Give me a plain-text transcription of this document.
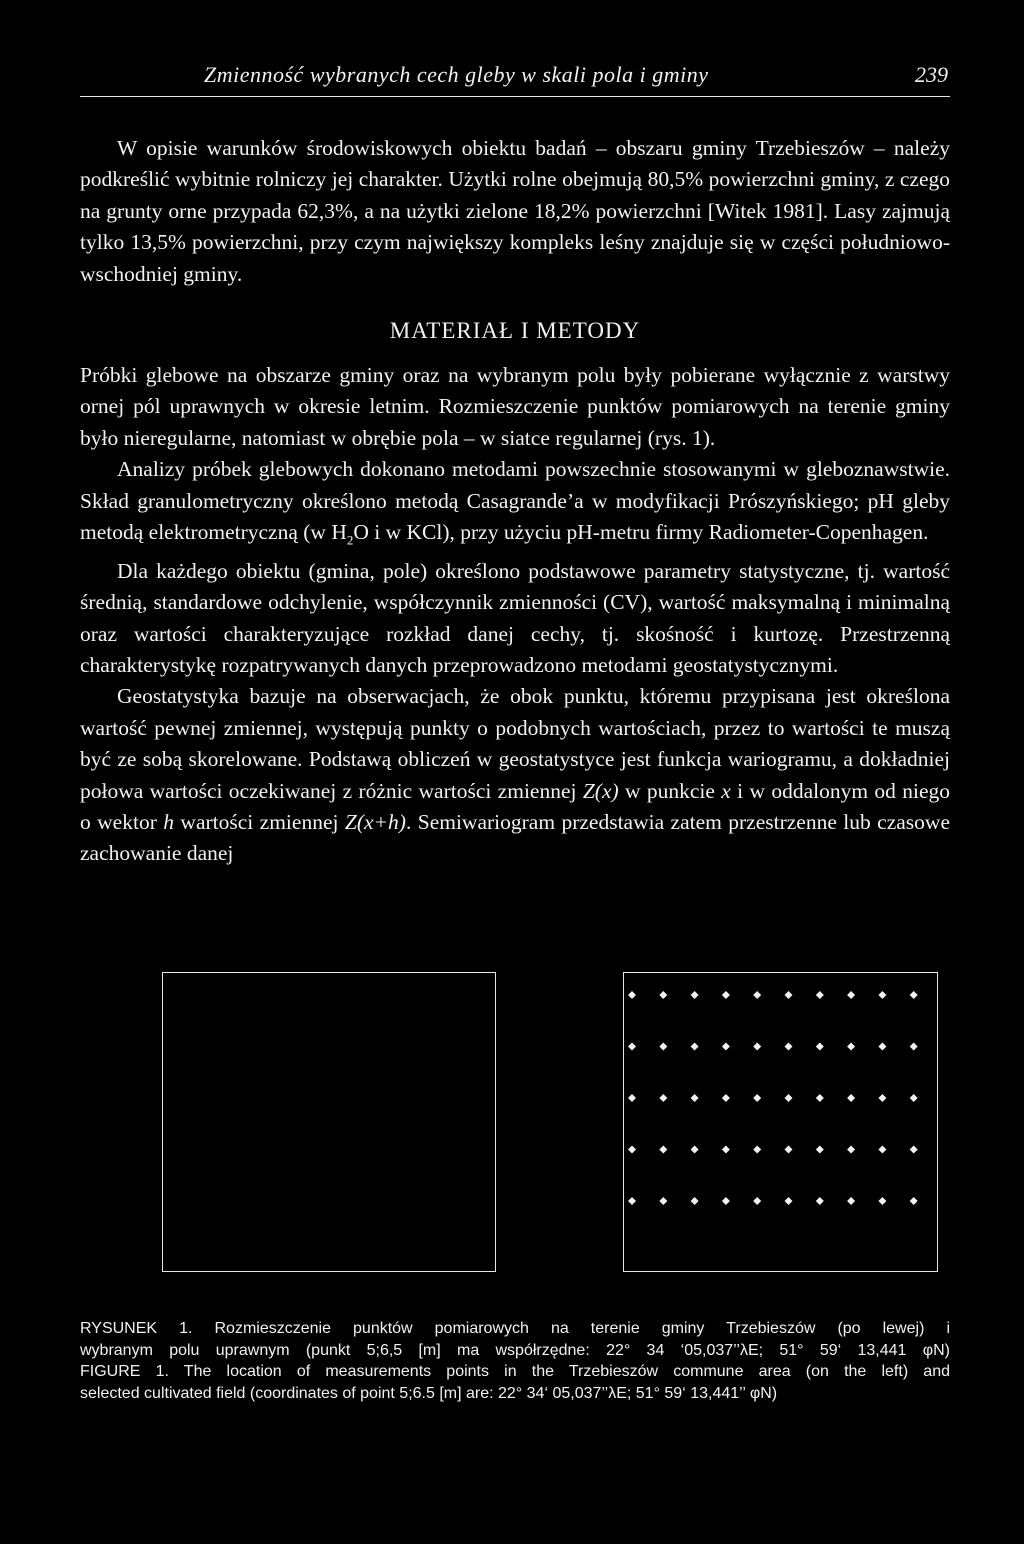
Zmienność wybranych cech gleby w skali pola i gminy	239

W opisie warunków środowiskowych obiektu badań – obszaru gminy Trzebieszów – należy podkreślić wybitnie rolniczy jej charakter. Użytki rolne obejmują 80,5% powierzchni gminy, z czego na grunty orne przypada 62,3%, a na użytki zielone 18,2% powierzchni [Witek 1981]. Lasy zajmują tylko 13,5% powierzchni, przy czym największy kompleks leśny znajduje się w części południowo-wschodniej gminy.

MATERIAŁ I METODY

Próbki glebowe na obszarze gminy oraz na wybranym polu były pobierane wyłącznie z warstwy ornej pól uprawnych w okresie letnim. Rozmieszczenie punktów pomiarowych na terenie gminy było nieregularne, natomiast w obrębie pola – w siatce regularnej (rys. 1).

Analizy próbek glebowych dokonano metodami powszechnie stosowanymi w gleboznawstwie. Skład granulometryczny określono metodą Casagrande’a w modyfikacji Prószyńskiego; pH gleby metodą elektrometryczną (w $H_2O$ i w KCl), przy użyciu pH-metru firmy Radiometer-Copenhagen.

Dla każdego obiektu (gmina, pole) określono podstawowe parametry statystyczne, tj. wartość średnią, standardowe odchylenie, współczynnik zmienności (CV), wartość maksymalną i minimalną oraz wartości charakteryzujące rozkład danej cechy, tj. skośność i kurtozę. Przestrzenną charakterystykę rozpatrywanych danych przeprowadzono metodami geostatystycznymi.

Geostatystyka bazuje na obserwacjach, że obok punktu, któremu przypisana jest określona wartość pewnej zmiennej, występują punkty o podobnych wartościach, przez to wartości te muszą być ze sobą skorelowane. Podstawą obliczeń w geostatystyce jest funkcja wariogramu, a dokładniej połowa wartości oczekiwanej z różnic wartości zmiennej Z(x) w punkcie x i w oddalonym od niego o wektor h wartości zmiennej Z(x+h). Semiwariogram przedstawia zatem przestrzenne lub czasowe zachowanie danej

RYSUNEK 1. Rozmieszczenie punktów pomiarowych na terenie gminy Trzebieszów (po lewej) i
wybranym polu uprawnym (punkt 5;6,5 [m] ma współrzędne: 22° 34 ‘05,037’’λE; 51° 59‘ 13,441 φN)
FIGURE 1. The location of measurements points in the Trzebieszów commune area (on the left) and
selected cultivated field (coordinates of point 5;6.5 [m] are: 22° 34‘ 05,037’’λE; 51° 59‘ 13,441’’ φN)
